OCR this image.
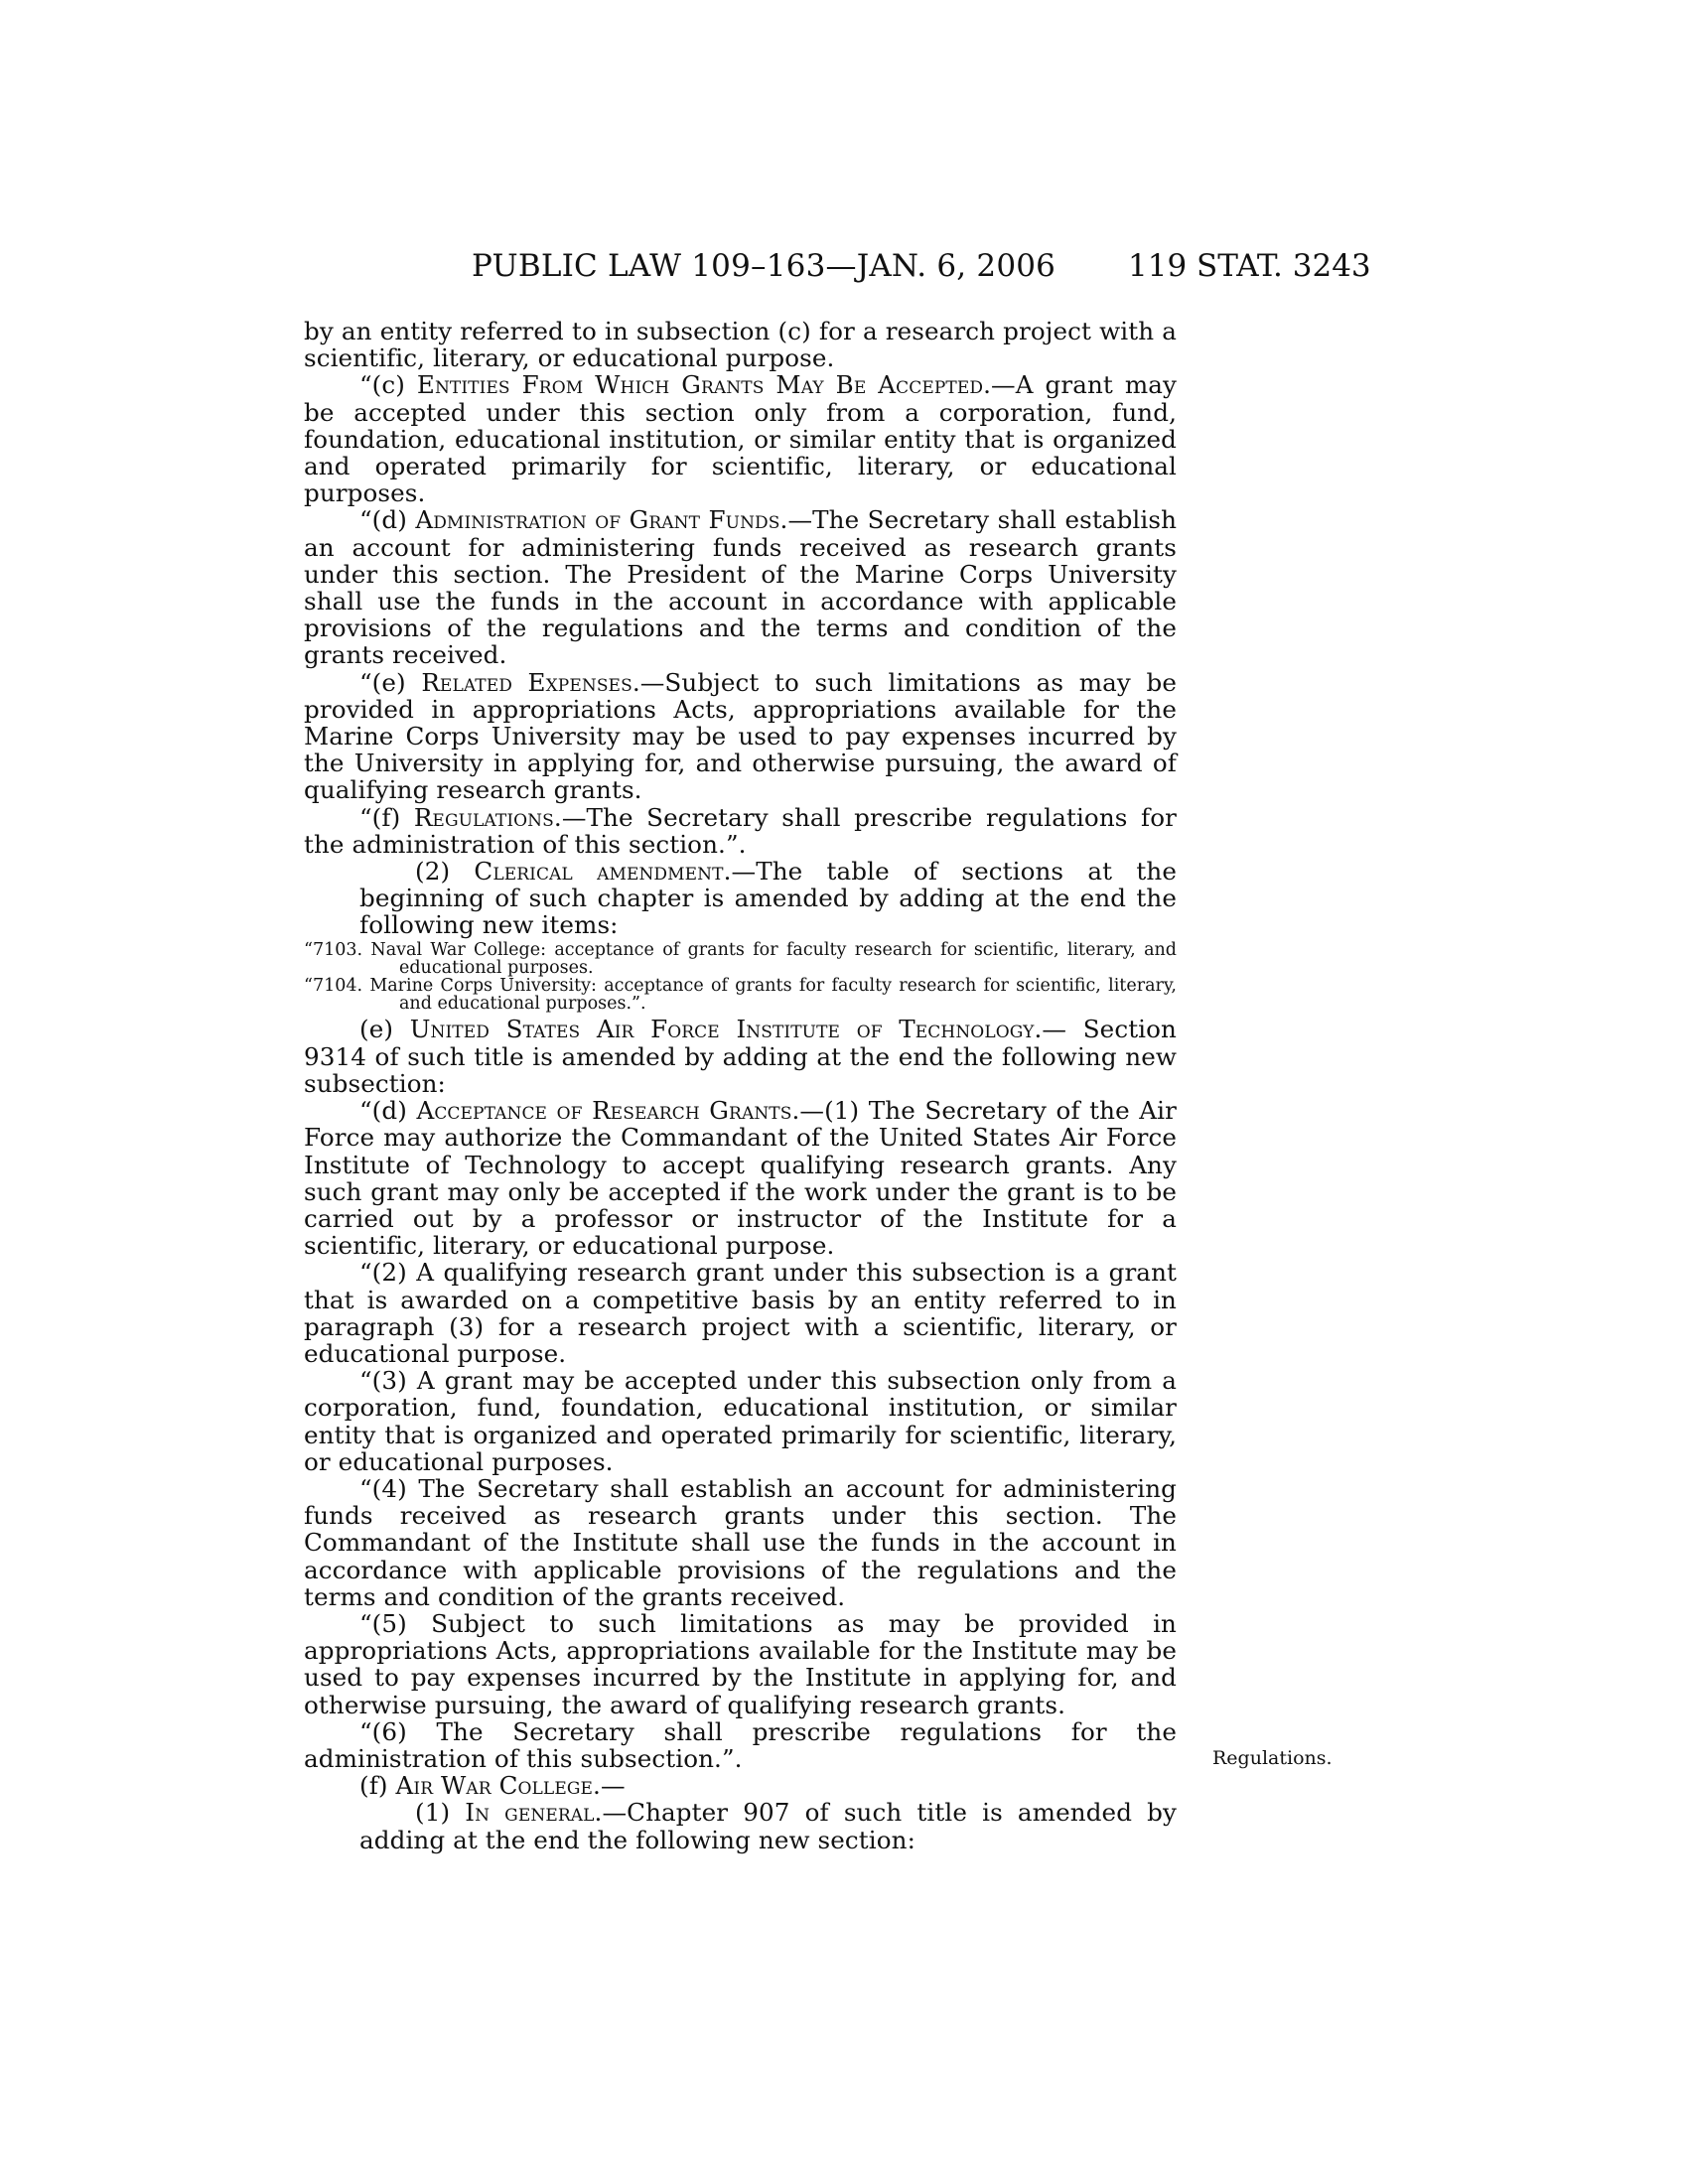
PUBLIC LAW 109–163—JAN. 6, 2006 119 STAT. 3243

by an entity referred to in subsection (c) for a research project with a scientific, literary, or educational purpose.

“(c) Entities From Which Grants May Be Accepted.—A grant may be accepted under this section only from a corporation, fund, foundation, educational institution, or similar entity that is organized and operated primarily for scientific, literary, or educational purposes.

“(d) Administration of Grant Funds.—The Secretary shall establish an account for administering funds received as research grants under this section. The President of the Marine Corps University shall use the funds in the account in accordance with applicable provisions of the regulations and the terms and condition of the grants received.

“(e) Related Expenses.—Subject to such limitations as may be provided in appropriations Acts, appropriations available for the Marine Corps University may be used to pay expenses incurred by the University in applying for, and otherwise pursuing, the award of qualifying research grants.

“(f) Regulations.—The Secretary shall prescribe regulations for the administration of this section.”.

(2) Clerical amendment.—The table of sections at the beginning of such chapter is amended by adding at the end the following new items:

“7103. Naval War College: acceptance of grants for faculty research for scientific, literary, and educational purposes.
“7104. Marine Corps University: acceptance of grants for faculty research for scientific, literary, and educational purposes.”.

(e) United States Air Force Institute of Technology.— Section 9314 of such title is amended by adding at the end the following new subsection:

“(d) Acceptance of Research Grants.—(1) The Secretary of the Air Force may authorize the Commandant of the United States Air Force Institute of Technology to accept qualifying research grants. Any such grant may only be accepted if the work under the grant is to be carried out by a professor or instructor of the Institute for a scientific, literary, or educational purpose.

“(2) A qualifying research grant under this subsection is a grant that is awarded on a competitive basis by an entity referred to in paragraph (3) for a research project with a scientific, literary, or educational purpose.

“(3) A grant may be accepted under this subsection only from a corporation, fund, foundation, educational institution, or similar entity that is organized and operated primarily for scientific, literary, or educational purposes.

“(4) The Secretary shall establish an account for administering funds received as research grants under this section. The Commandant of the Institute shall use the funds in the account in accordance with applicable provisions of the regulations and the terms and condition of the grants received.

“(5) Subject to such limitations as may be provided in appropriations Acts, appropriations available for the Institute may be used to pay expenses incurred by the Institute in applying for, and otherwise pursuing, the award of qualifying research grants.

“(6) The Secretary shall prescribe regulations for the administration of this subsection.”.

(f) Air War College.—

(1) In general.—Chapter 907 of such title is amended by adding at the end the following new section:

Regulations.
